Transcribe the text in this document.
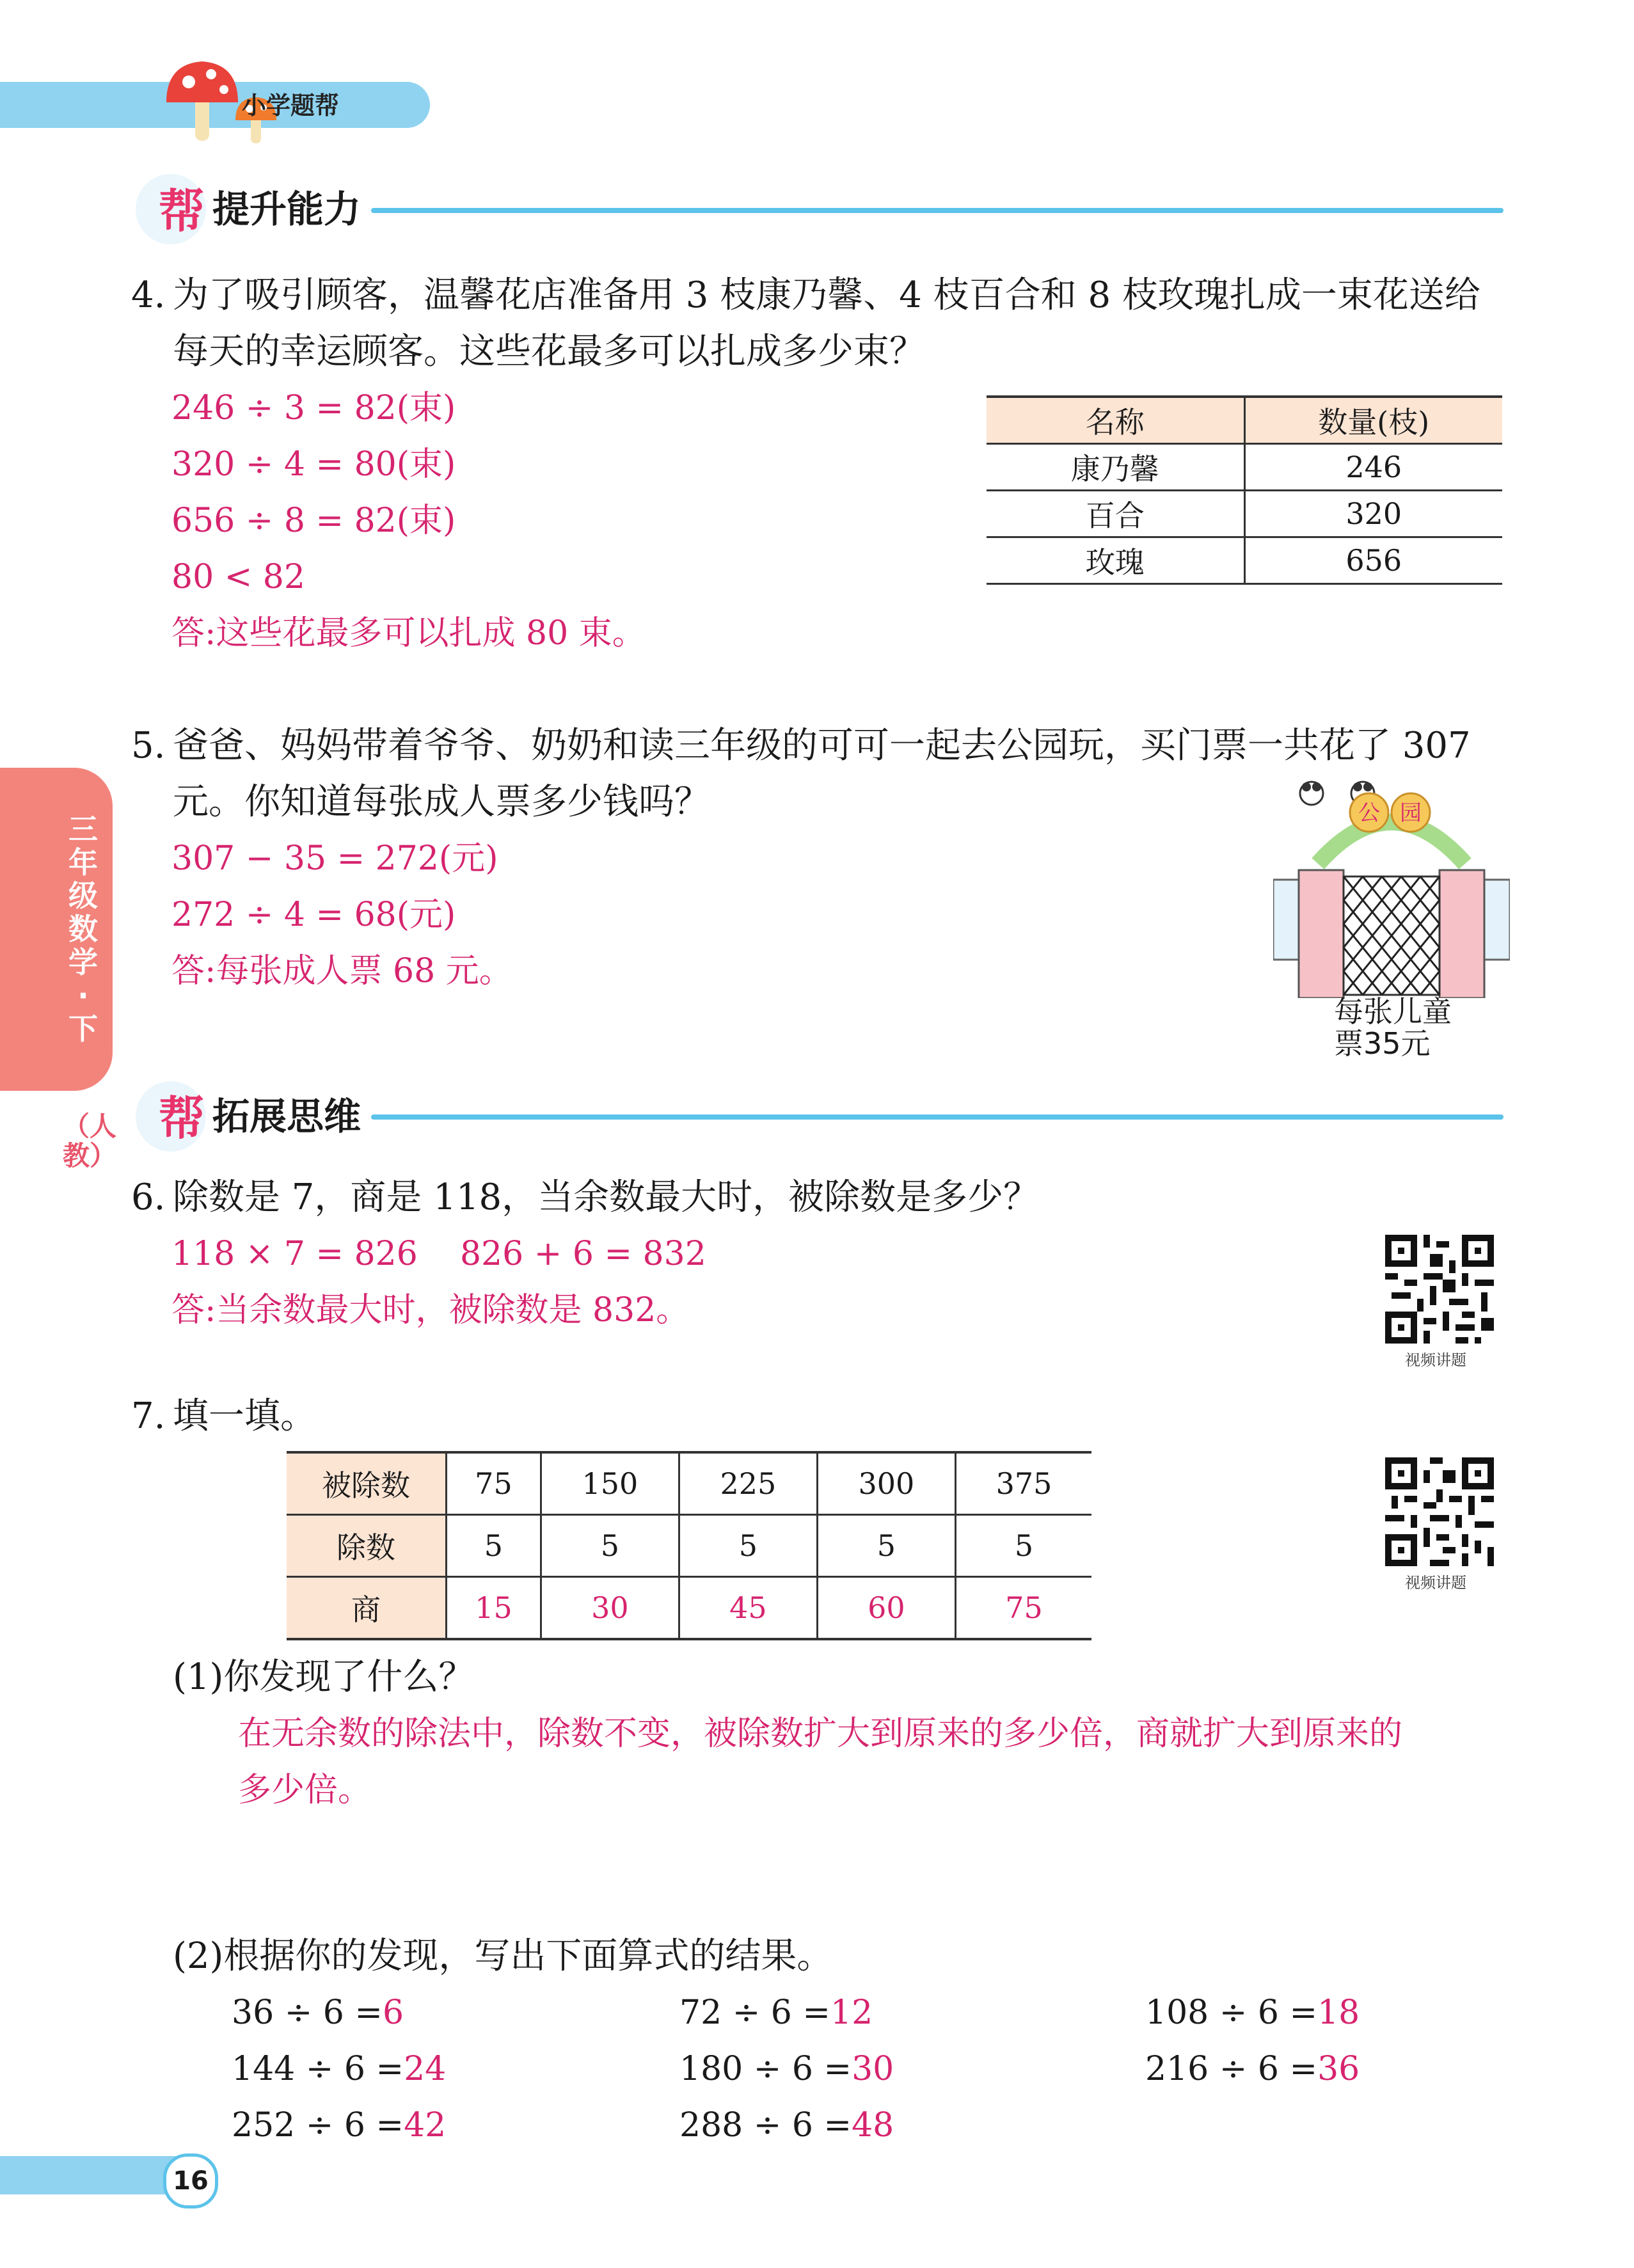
小学题帮
三年级数学·下
（人教）
帮 提升能力
4. 为了吸引顾客，温馨花店准备用 3 枝康乃馨、4 枝百合和 8 枝玫瑰扎成一束花送给
每天的幸运顾客。这些花最多可以扎成多少束？
246 ÷ 3 = 82(束)
320 ÷ 4 = 80(束)
656 ÷ 8 = 82(束)
80 < 82
答:这些花最多可以扎成 80 束。
名称	数量(枝)
康乃馨	246
百合	320
玫瑰	656
5. 爸爸、妈妈带着爷爷、奶奶和读三年级的可可一起去公园玩，买门票一共花了 307
元。你知道每张成人票多少钱吗？
307 − 35 = 272(元)
272 ÷ 4 = 68(元)
答:每张成人票 68 元。
公 园
每张儿童
票35元
帮 拓展思维
6. 除数是 7，商是 118，当余数最大时，被除数是多少？
118 × 7 = 826    826 + 6 = 832
答:当余数最大时，被除数是 832。
视频讲题
7. 填一填。
被除数	75	150	225	300	375
除数	5	5	5	5	5
商	15	30	45	60	75
视频讲题
(1)你发现了什么？
在无余数的除法中，除数不变，被除数扩大到原来的多少倍，商就扩大到原来的
多少倍。
(2)根据你的发现，写出下面算式的结果。
36 ÷ 6 =6	72 ÷ 6 =12	108 ÷ 6 =18
144 ÷ 6 =24	180 ÷ 6 =30	216 ÷ 6 =36
252 ÷ 6 =42	288 ÷ 6 =48
16
